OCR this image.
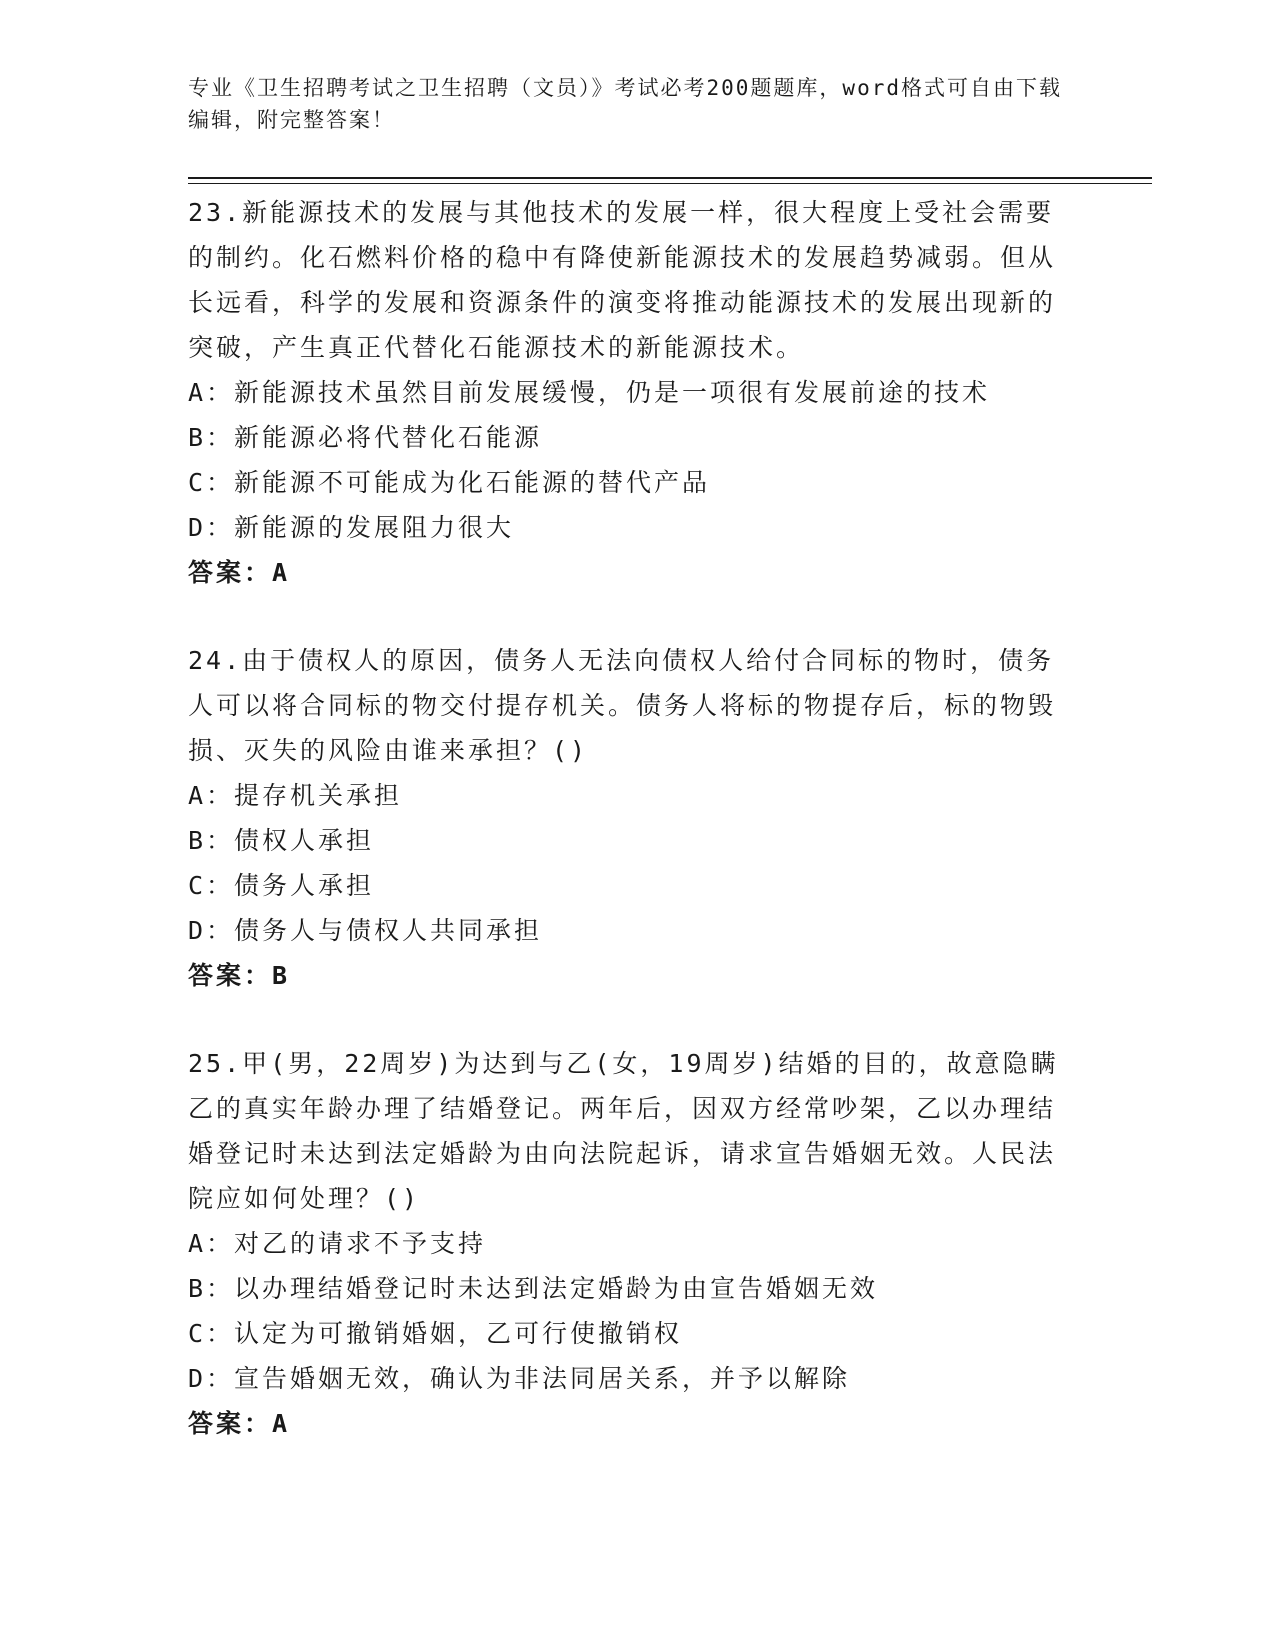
专业《卫生招聘考试之卫生招聘（文员）》考试必考200题题库，word格式可自由下载编辑，附完整答案！

23.新能源技术的发展与其他技术的发展一样，很大程度上受社会需要的制约。化石燃料价格的稳中有降使新能源技术的发展趋势减弱。但从长远看，科学的发展和资源条件的演变将推动能源技术的发展出现新的突破，产生真正代替化石能源技术的新能源技术。

A：新能源技术虽然目前发展缓慢，仍是一项很有发展前途的技术

B：新能源必将代替化石能源

C：新能源不可能成为化石能源的替代产品

D：新能源的发展阻力很大

答案：A

24.由于债权人的原因，债务人无法向债权人给付合同标的物时，债务人可以将合同标的物交付提存机关。债务人将标的物提存后，标的物毁损、灭失的风险由谁来承担？()

A：提存机关承担

B：债权人承担

C：债务人承担

D：债务人与债权人共同承担

答案：B

25.甲(男，22周岁)为达到与乙(女，19周岁)结婚的目的，故意隐瞒乙的真实年龄办理了结婚登记。两年后，因双方经常吵架，乙以办理结婚登记时未达到法定婚龄为由向法院起诉，请求宣告婚姻无效。人民法院应如何处理？()

A：对乙的请求不予支持

B：以办理结婚登记时未达到法定婚龄为由宣告婚姻无效

C：认定为可撤销婚姻，乙可行使撤销权

D：宣告婚姻无效，确认为非法同居关系，并予以解除

答案：A
